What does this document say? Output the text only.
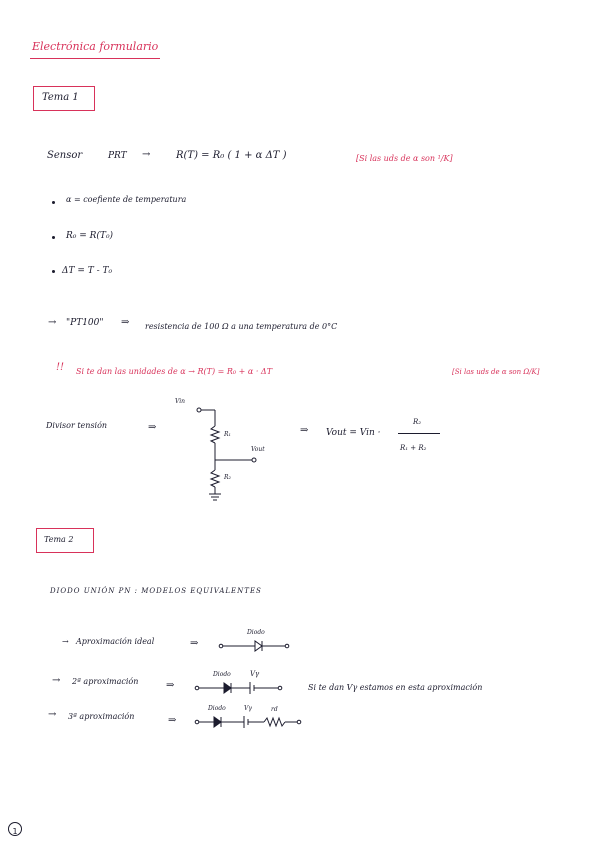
Electrónica formulario
Tema 1
Sensor	PRT →	R(T) = R₀ ( 1 + α ΔT )	[Si las uds de α son ¹/K]
α = coefiente de temperatura
R₀ = R(T₀)
ΔT = T - T₀
→ "PT100" ⇒ resistencia de 100 Ω a una temperatura de 0°C
!! Si te dan las unidades de α → R(T) = R₀ + α · ΔT	[Si las uds de α son Ω/K]
Divisor tensión	⇒
Vin
R₁
Vout
R₂
⇒ Vout = Vin ·
R₂
R₁ + R₂
Tema 2
DIODO UNIÓN PN : MODELOS EQUIVALENTES
→ Aproximación ideal	⇒
Diodo
→ 2ª aproximación	⇒
Diodo	Vγ
Si te dan Vγ estamos en esta aproximación
→ 3ª aproximación	⇒
Diodo	Vγ	rd
1
